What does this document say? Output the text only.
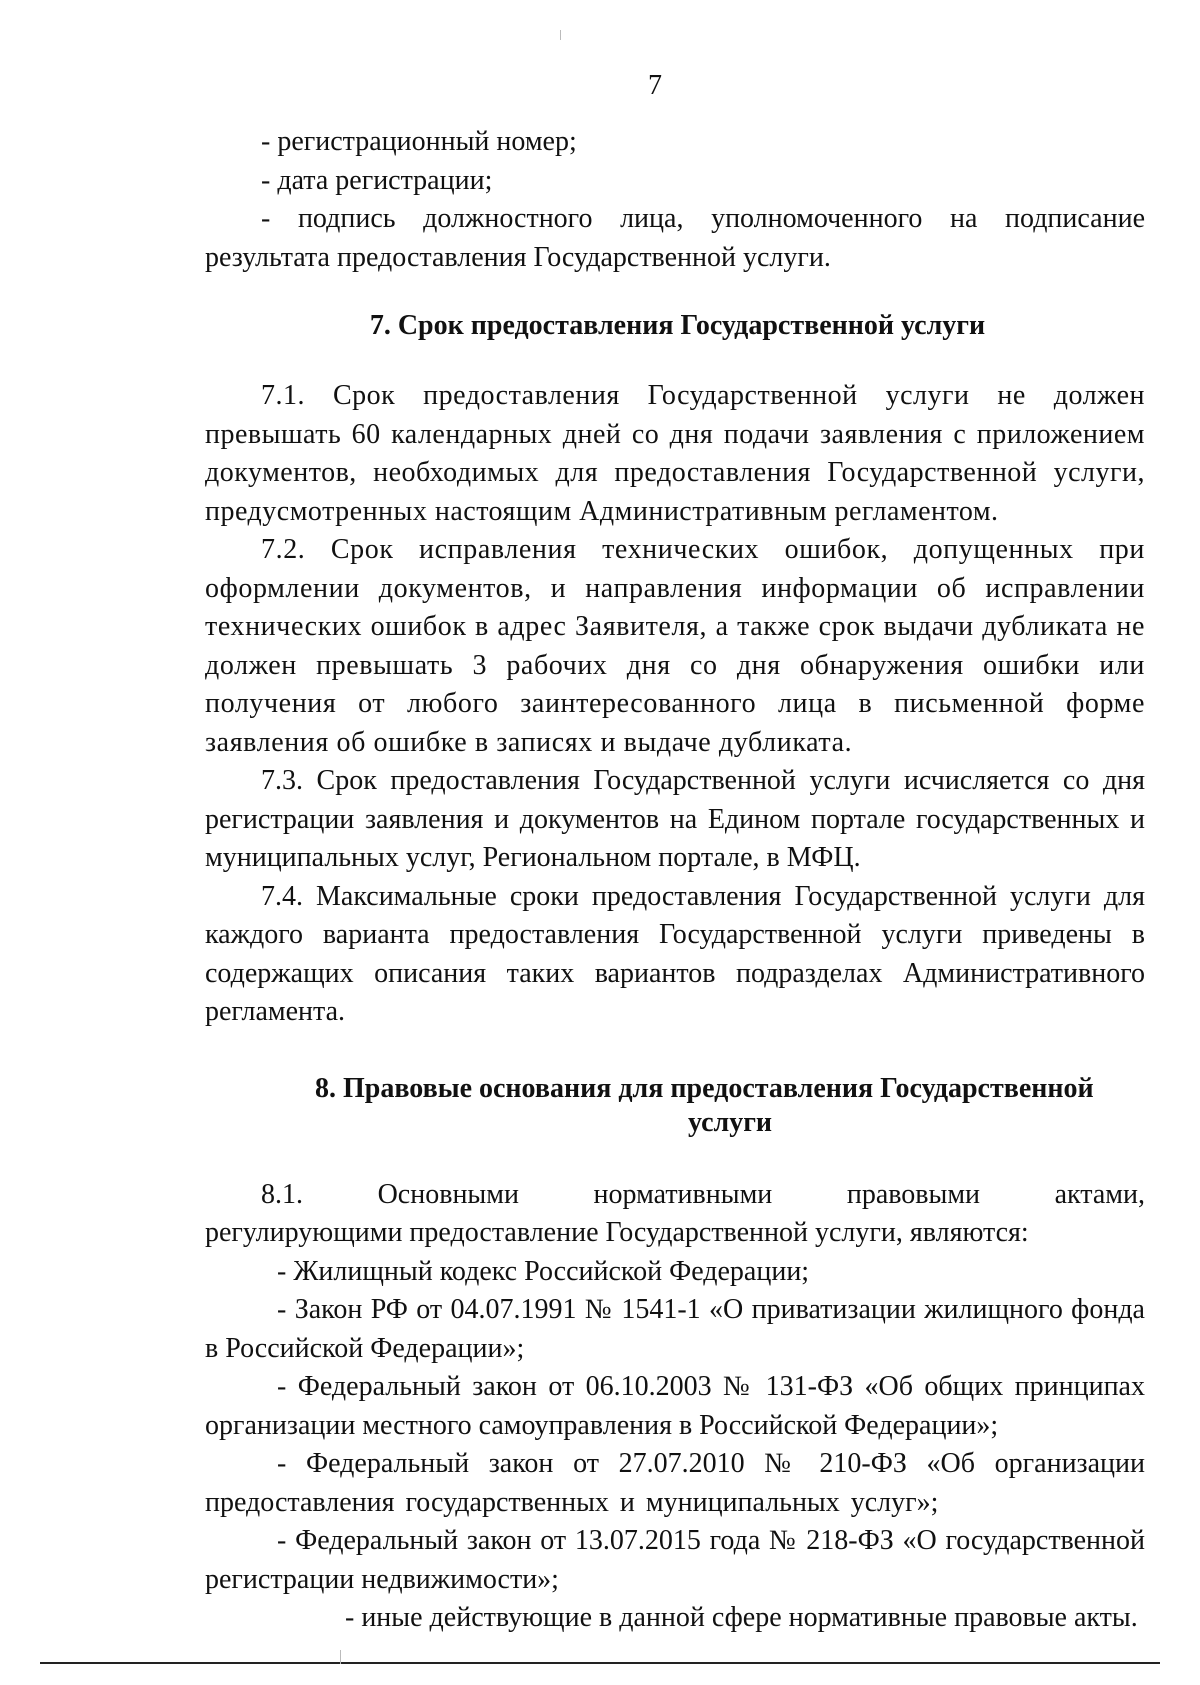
7

- регистрационный номер;

- дата регистрации;

- подпись должностного лица, уполномоченного на подписание

результата предоставления Государственной услуги.

7. Срок предоставления Государственной услуги

7.1. Срок предоставления Государственной услуги не должен превышать 60 календарных дней со дня подачи заявления с приложением документов, необходимых для предоставления Государственной услуги, предусмотренных настоящим Административным регламентом.

7.2. Срок исправления технических ошибок, допущенных при оформлении документов, и направления информации об исправлении технических ошибок в адрес Заявителя, а также срок выдачи дубликата не должен превышать 3 рабочих дня со дня обнаружения ошибки или получения от любого заинтересованного лица в письменной форме заявления об ошибке в записях и выдаче дубликата.

7.3. Срок предоставления Государственной услуги исчисляется со дня регистрации заявления и документов на Едином портале государственных и муниципальных услуг, Региональном портале, в МФЦ.

7.4. Максимальные сроки предоставления Государственной услуги для каждого варианта предоставления Государственной услуги приведены в содержащих описания таких вариантов подразделах Административного регламента.

8. Правовые основания для предоставления Государственной
услуги

8.1. Основными нормативными правовыми актами,

регулирующими предоставление Государственной услуги, являются:

- Жилищный кодекс Российской Федерации;

- Закон РФ от 04.07.1991 № 1541-1 «О приватизации жилищного фонда в Российской Федерации»;

- Федеральный закон от 06.10.2003 № 131-ФЗ «Об общих принципах организации местного самоуправления в Российской Федерации»;

- Федеральный закон от 27.07.2010 № 210-ФЗ «Об организации предоставления государственных и муниципальных услуг»;

- Федеральный закон от 13.07.2015 года № 218-ФЗ «О государственной регистрации недвижимости»;

- иные действующие в данной сфере нормативные правовые акты.
